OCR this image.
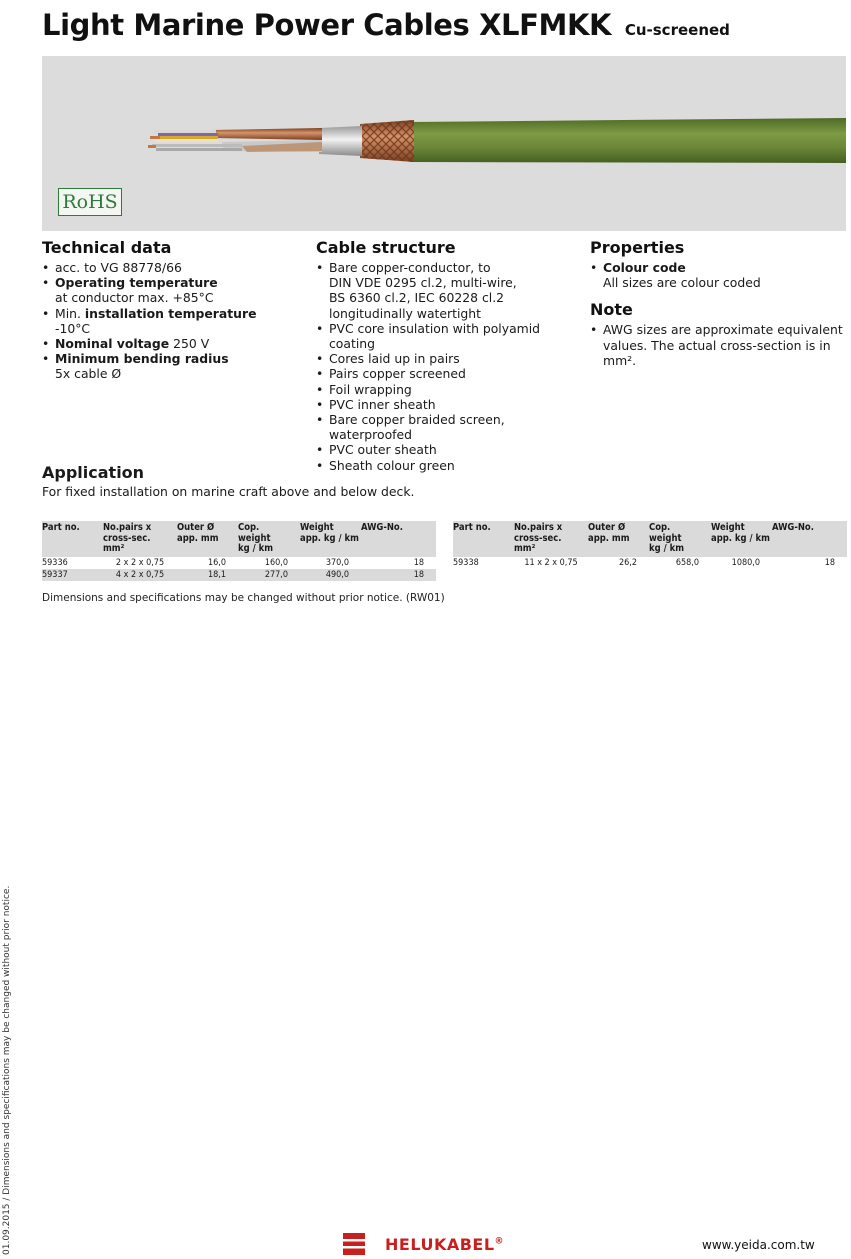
Light Marine Power Cables XLFMKK Cu-screened
RoHS
Technical data
• acc. to VG 88778/66
• Operating temperature
at conductor max. +85°C
• Min. installation temperature
-10°C
• Nominal voltage 250 V
• Minimum bending radius
5x cable Ø
Cable structure
• Bare copper-conductor, to
DIN VDE 0295 cl.2, multi-wire,
BS 6360 cl.2, IEC 60228 cl.2
longitudinally watertight
• PVC core insulation with polyamid coating
• Cores laid up in pairs
• Pairs copper screened
• Foil wrapping
• PVC inner sheath
• Bare copper braided screen,
waterproofed
• PVC outer sheath
• Sheath colour green
Properties
• Colour code
All sizes are colour coded
Note
• AWG sizes are approximate equivalent
values. The actual cross-section is in mm².
Application

For fixed installation on marine craft above and below deck.

Part no.	No.pairs x
cross-sec.
mm²	Outer Ø
app. mm	Cop.
weight
kg / km	Weight
app. kg / km	AWG-No.
59336	2 x 2 x 0,75	16,0	160,0	370,0	18
59337	4 x 2 x 0,75	18,1	277,0	490,0	18
Part no.	No.pairs x
cross-sec.
mm²	Outer Ø
app. mm	Cop.
weight
kg / km	Weight
app. kg / km	AWG-No.
59338	11 x 2 x 0,75	26,2	658,0	1080,0	18
Dimensions and specifications may be changed without prior notice. (RW01)
01.09.2015 / Dimensions and specifications may be changed without prior notice.	HELUKABEL®	www.yeida.com.tw
